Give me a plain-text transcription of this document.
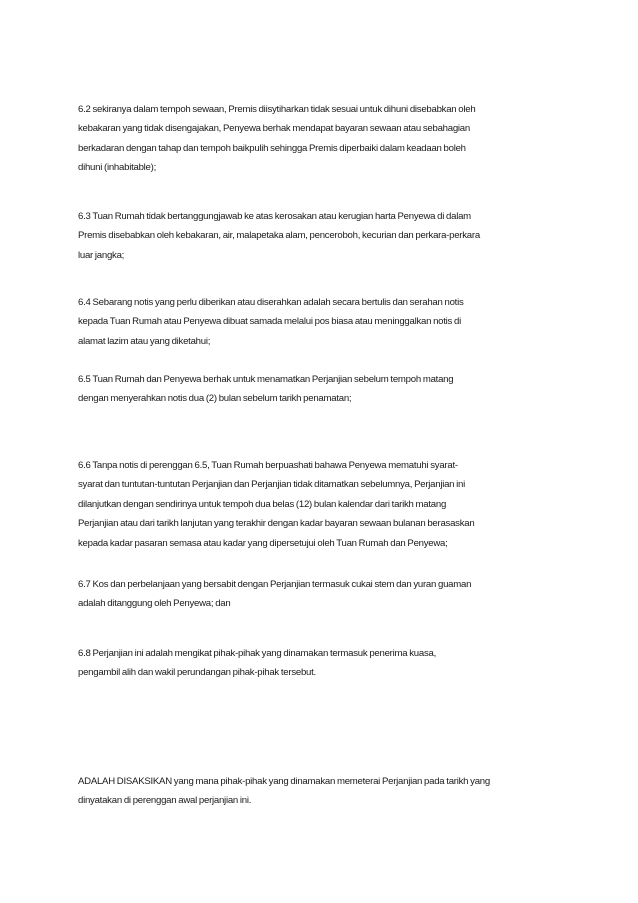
6.2 sekiranya dalam tempoh sewaan, Premis diisytiharkan tidak sesuai untuk dihuni disebabkan oleh
kebakaran yang tidak disengajakan, Penyewa berhak mendapat bayaran sewaan atau sebahagian
berkadaran dengan tahap dan tempoh baikpulih sehingga Premis diperbaiki dalam keadaan boleh
dihuni (inhabitable);
6.3 Tuan Rumah tidak bertanggungjawab ke atas kerosakan atau kerugian harta Penyewa di dalam
Premis disebabkan oleh kebakaran, air, malapetaka alam, penceroboh, kecurian dan perkara-perkara
luar jangka;
6.4 Sebarang notis yang perlu diberikan atau diserahkan adalah secara bertulis dan serahan notis
kepada Tuan Rumah atau Penyewa dibuat samada melalui pos biasa atau meninggalkan notis di
alamat lazim atau yang diketahui;
6.5 Tuan Rumah dan Penyewa berhak untuk menamatkan Perjanjian sebelum tempoh matang
dengan menyerahkan notis dua (2) bulan sebelum tarikh penamatan;
6.6 Tanpa notis di perenggan 6.5, Tuan Rumah berpuashati bahawa Penyewa mematuhi syarat-
syarat dan tuntutan-tuntutan Perjanjian dan Perjanjian tidak ditamatkan sebelumnya, Perjanjian ini
dilanjutkan dengan sendirinya untuk tempoh dua belas (12) bulan kalendar dari tarikh matang
Perjanjian atau dari tarikh lanjutan yang terakhir dengan kadar bayaran sewaan bulanan berasaskan
kepada kadar pasaran semasa atau kadar yang dipersetujui oleh Tuan Rumah dan Penyewa;
6.7 Kos dan perbelanjaan yang bersabit dengan Perjanjian termasuk cukai stem dan yuran guaman
adalah ditanggung oleh Penyewa; dan
6.8 Perjanjian ini adalah mengikat pihak-pihak yang dinamakan termasuk penerima kuasa,
pengambil alih dan wakil perundangan pihak-pihak tersebut.
ADALAH DISAKSIKAN yang mana pihak-pihak yang dinamakan memeterai Perjanjian pada tarikh yang
dinyatakan di perenggan awal perjanjian ini.
